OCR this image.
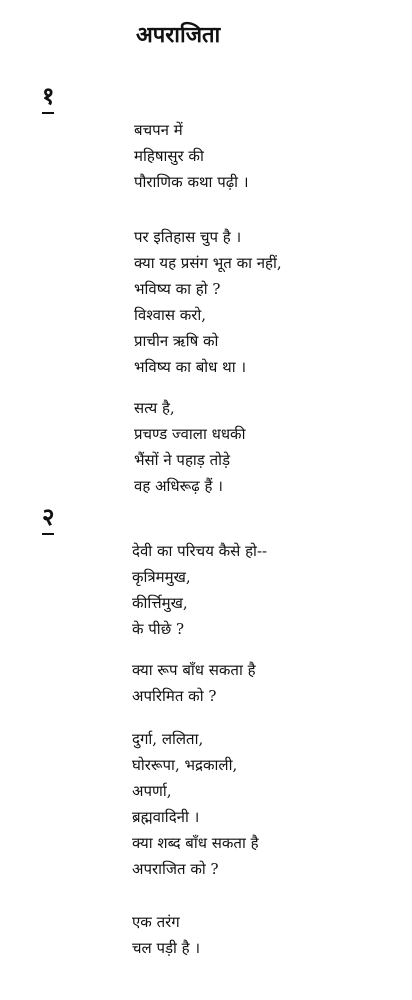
अपराजिता
१
बचपन में
महिषासुर की
पौराणिक कथा पढ़ी ।
पर इतिहास चुप है ।
क्या यह प्रसंग भूत का नहीं,
भविष्य का हो ?
विश्वास करो,
प्राचीन ऋषि को
भविष्य का बोध था ।
सत्य है,
प्रचण्ड ज्वाला धधकी
भैंसों ने पहाड़ तोड़े
वह अधिरूढ़ हैं ।
२
देवी का परिचय कैसे हो--
कृत्रिममुख,
कीर्त्तिमुख,
के पीछे ?
क्या रूप बाँध सकता है
अपरिमित को ?
दुर्गा, ललिता,
घोररूपा, भद्रकाली,
अपर्णा,
ब्रह्मवादिनी ।
क्या शब्द बाँध सकता है
अपराजित को ?
एक तरंग
चल पड़ी है ।
